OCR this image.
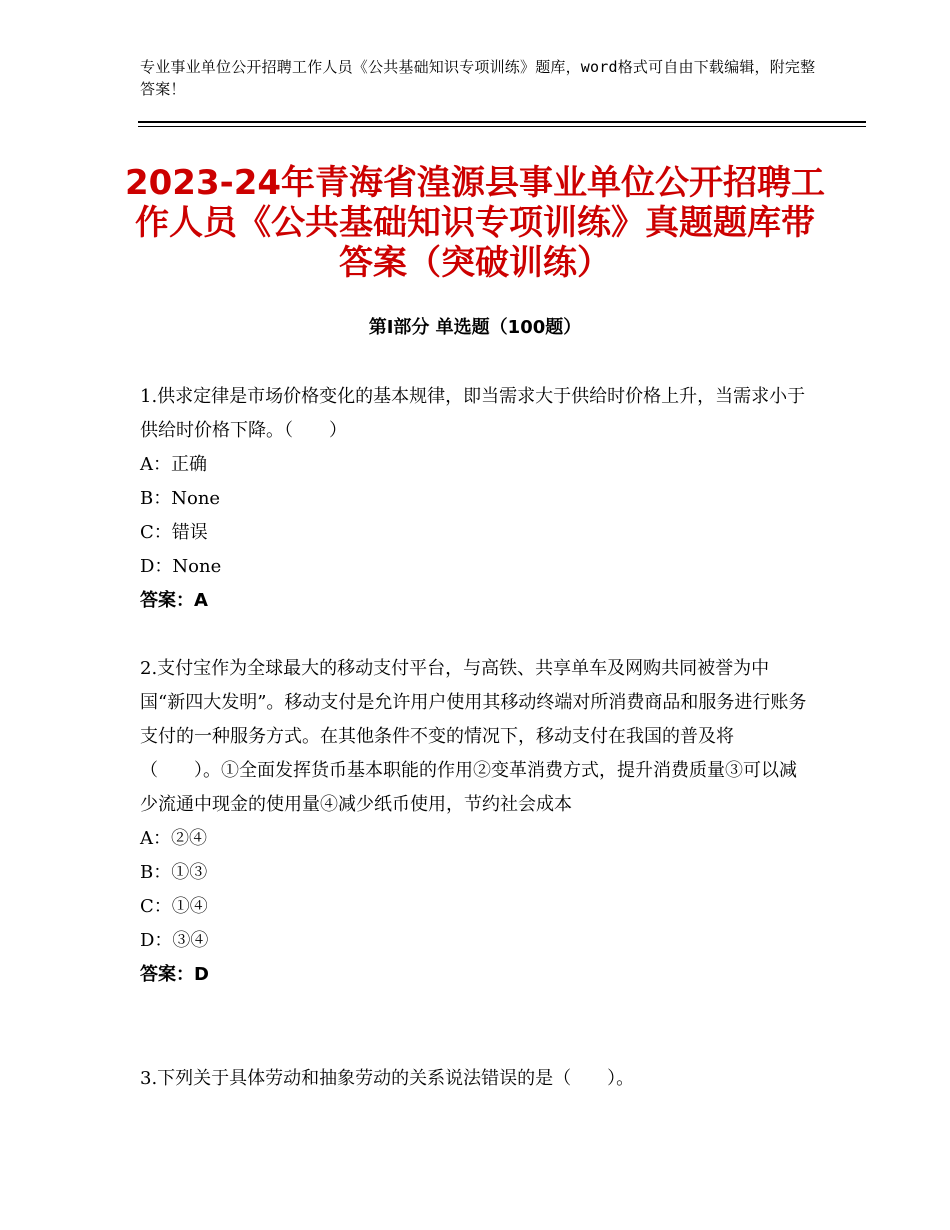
专业事业单位公开招聘工作人员《公共基础知识专项训练》题库，word格式可自由下载编辑，附完整答案！
2023-24年青海省湟源县事业单位公开招聘工作人员《公共基础知识专项训练》真题题库带答案（突破训练）
第Ⅰ部分 单选题（100题）

1.供求定律是市场价格变化的基本规律，即当需求大于供给时价格上升，当需求小于供给时价格下降。（　　）

A：正确

B：None

C：错误

D：None

答案：A

2.支付宝作为全球最大的移动支付平台，与高铁、共享单车及网购共同被誉为中国“新四大发明”。移动支付是允许用户使用其移动终端对所消费商品和服务进行账务支付的一种服务方式。在其他条件不变的情况下，移动支付在我国的普及将（　　）。①全面发挥货币基本职能的作用②变革消费方式，提升消费质量③可以减少流通中现金的使用量④减少纸币使用，节约社会成本

A：②④

B：①③

C：①④

D：③④

答案：D

3.下列关于具体劳动和抽象劳动的关系说法错误的是（　　）。
